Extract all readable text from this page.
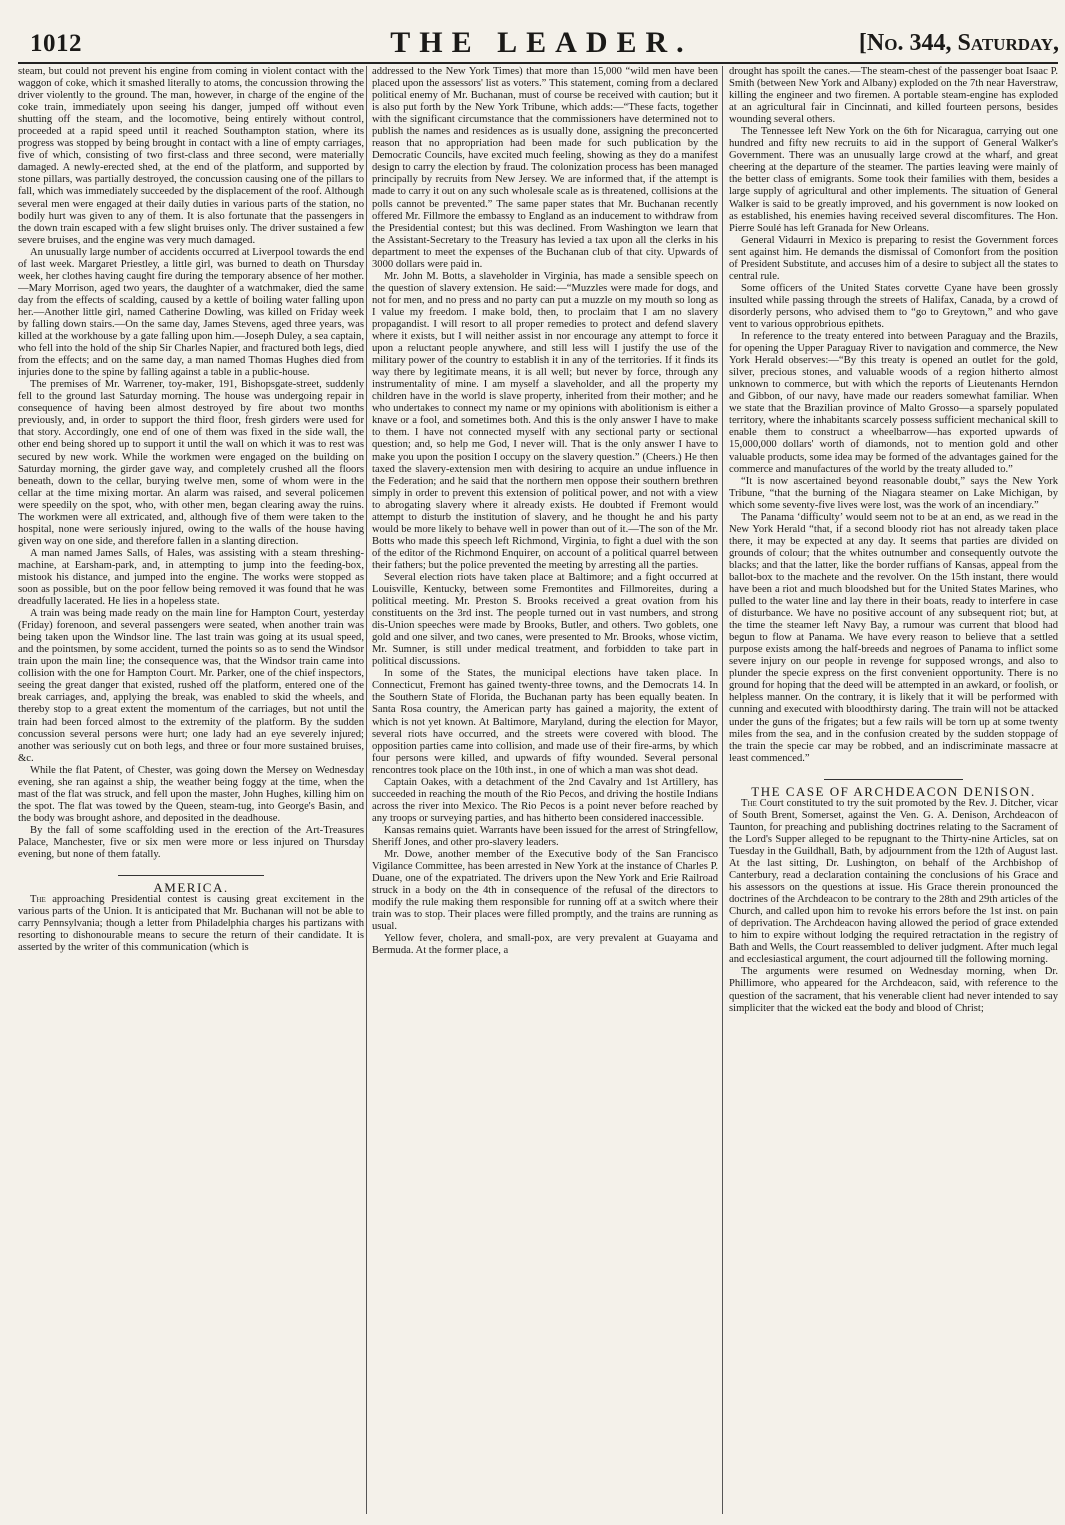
1012	THE LEADER.	[No. 344, Saturday,

steam, but could not prevent his engine from coming in violent contact with the waggon of coke, which it smashed literally to atoms, the concussion throwing the driver violently to the ground. The man, however, in charge of the engine of the coke train, immediately upon seeing his danger, jumped off without even shutting off the steam, and the locomotive, being entirely without control, proceeded at a rapid speed until it reached Southampton station, where its progress was stopped by being brought in contact with a line of empty carriages, five of which, consisting of two first-class and three second, were materially damaged. A newly-erected shed, at the end of the platform, and supported by stone pillars, was partially destroyed, the concussion causing one of the pillars to fall, which was immediately succeeded by the displacement of the roof. Although several men were engaged at their daily duties in various parts of the station, no bodily hurt was given to any of them. It is also fortunate that the passengers in the down train escaped with a few slight bruises only. The driver sustained a few severe bruises, and the engine was very much damaged.

An unusually large number of accidents occurred at Liverpool towards the end of last week. Margaret Priestley, a little girl, was burned to death on Thursday week, her clothes having caught fire during the temporary absence of her mother.—Mary Morrison, aged two years, the daughter of a watchmaker, died the same day from the effects of scalding, caused by a kettle of boiling water falling upon her.—Another little girl, named Catherine Dowling, was killed on Friday week by falling down stairs.—On the same day, James Stevens, aged three years, was killed at the workhouse by a gate falling upon him.—Joseph Duley, a sea captain, who fell into the hold of the ship Sir Charles Napier, and fractured both legs, died from the effects; and on the same day, a man named Thomas Hughes died from injuries done to the spine by falling against a table in a public-house.

The premises of Mr. Warrener, toy-maker, 191, Bishopsgate-street, suddenly fell to the ground last Saturday morning. The house was undergoing repair in consequence of having been almost destroyed by fire about two months previously, and, in order to support the third floor, fresh girders were used for that story. Accordingly, one end of one of them was fixed in the side wall, the other end being shored up to support it until the wall on which it was to rest was secured by new work. While the workmen were engaged on the building on Saturday morning, the girder gave way, and completely crushed all the floors beneath, down to the cellar, burying twelve men, some of whom were in the cellar at the time mixing mortar. An alarm was raised, and several policemen were speedily on the spot, who, with other men, began clearing away the ruins. The workmen were all extricated, and, although five of them were taken to the hospital, none were seriously injured, owing to the walls of the house having given way on one side, and therefore fallen in a slanting direction.

A man named James Salls, of Hales, was assisting with a steam threshing-machine, at Earsham-park, and, in attempting to jump into the feeding-box, mistook his distance, and jumped into the engine. The works were stopped as soon as possible, but on the poor fellow being removed it was found that he was dreadfully lacerated. He lies in a hopeless state.

A train was being made ready on the main line for Hampton Court, yesterday (Friday) forenoon, and several passengers were seated, when another train was being taken upon the Windsor line. The last train was going at its usual speed, and the pointsmen, by some accident, turned the points so as to send the Windsor train upon the main line; the consequence was, that the Windsor train came into collision with the one for Hampton Court. Mr. Parker, one of the chief inspectors, seeing the great danger that existed, rushed off the platform, entered one of the break carriages, and, applying the break, was enabled to skid the wheels, and thereby stop to a great extent the momentum of the carriages, but not until the train had been forced almost to the extremity of the platform. By the sudden concussion several persons were hurt; one lady had an eye severely injured; another was seriously cut on both legs, and three or four more sustained bruises, &c.

While the flat Patent, of Chester, was going down the Mersey on Wednesday evening, she ran against a ship, the weather being foggy at the time, when the mast of the flat was struck, and fell upon the master, John Hughes, killing him on the spot. The flat was towed by the Queen, steam-tug, into George's Basin, and the body was brought ashore, and deposited in the deadhouse.

By the fall of some scaffolding used in the erection of the Art-Treasures Palace, Manchester, five or six men were more or less injured on Thursday evening, but none of them fatally.

AMERICA.

The approaching Presidential contest is causing great excitement in the various parts of the Union. It is anticipated that Mr. Buchanan will not be able to carry Pennsylvania; though a letter from Philadelphia charges his partizans with resorting to dishonourable means to secure the return of their candidate. It is asserted by the writer of this communication (which is

addressed to the New York Times) that more than 15,000 “wild men have been placed upon the assessors' list as voters.” This statement, coming from a declared political enemy of Mr. Buchanan, must of course be received with caution; but it is also put forth by the New York Tribune, which adds:—“These facts, together with the significant circumstance that the commissioners have determined not to publish the names and residences as is usually done, assigning the preconcerted reason that no appropriation had been made for such publication by the Democratic Councils, have excited much feeling, showing as they do a manifest design to carry the election by fraud. The colonization process has been managed principally by recruits from New Jersey. We are informed that, if the attempt is made to carry it out on any such wholesale scale as is threatened, collisions at the polls cannot be prevented.” The same paper states that Mr. Buchanan recently offered Mr. Fillmore the embassy to England as an inducement to withdraw from the Presidential contest; but this was declined. From Washington we learn that the Assistant-Secretary to the Treasury has levied a tax upon all the clerks in his department to meet the expenses of the Buchanan club of that city. Upwards of 3000 dollars were paid in.

Mr. John M. Botts, a slaveholder in Virginia, has made a sensible speech on the question of slavery extension. He said:—“Muzzles were made for dogs, and not for men, and no press and no party can put a muzzle on my mouth so long as I value my freedom. I make bold, then, to proclaim that I am no slavery propagandist. I will resort to all proper remedies to protect and defend slavery where it exists, but I will neither assist in nor encourage any attempt to force it upon a reluctant people anywhere, and still less will I justify the use of the military power of the country to establish it in any of the territories. If it finds its way there by legitimate means, it is all well; but never by force, through any instrumentality of mine. I am myself a slaveholder, and all the property my children have in the world is slave property, inherited from their mother; and he who undertakes to connect my name or my opinions with abolitionism is either a knave or a fool, and sometimes both. And this is the only answer I have to make to them. I have not connected myself with any sectional party or sectional question; and, so help me God, I never will. That is the only answer I have to make you upon the position I occupy on the slavery question.” (Cheers.) He then taxed the slavery-extension men with desiring to acquire an undue influence in the Federation; and he said that the northern men oppose their southern brethren simply in order to prevent this extension of political power, and not with a view to abrogating slavery where it already exists. He doubted if Fremont would attempt to disturb the institution of slavery, and he thought he and his party would be more likely to behave well in power than out of it.—The son of the Mr. Botts who made this speech left Richmond, Virginia, to fight a duel with the son of the editor of the Richmond Enquirer, on account of a political quarrel between their fathers; but the police prevented the meeting by arresting all the parties.

Several election riots have taken place at Baltimore; and a fight occurred at Louisville, Kentucky, between some Fremontites and Fillmoreites, during a political meeting. Mr. Preston S. Brooks received a great ovation from his constituents on the 3rd inst. The people turned out in vast numbers, and strong dis-Union speeches were made by Brooks, Butler, and others. Two goblets, one gold and one silver, and two canes, were presented to Mr. Brooks, whose victim, Mr. Sumner, is still under medical treatment, and forbidden to take part in political discussions.

In some of the States, the municipal elections have taken place. In Connecticut, Fremont has gained twenty-three towns, and the Democrats 14. In the Southern State of Florida, the Buchanan party has been equally beaten. In Santa Rosa country, the American party has gained a majority, the extent of which is not yet known. At Baltimore, Maryland, during the election for Mayor, several riots have occurred, and the streets were covered with blood. The opposition parties came into collision, and made use of their fire-arms, by which four persons were killed, and upwards of fifty wounded. Several personal rencontres took place on the 10th inst., in one of which a man was shot dead.

Captain Oakes, with a detachment of the 2nd Cavalry and 1st Artillery, has succeeded in reaching the mouth of the Rio Pecos, and driving the hostile Indians across the river into Mexico. The Rio Pecos is a point never before reached by any troops or surveying parties, and has hitherto been considered inaccessible.

Kansas remains quiet. Warrants have been issued for the arrest of Stringfellow, Sheriff Jones, and other pro-slavery leaders.

Mr. Dowe, another member of the Executive body of the San Francisco Vigilance Committee, has been arrested in New York at the instance of Charles P. Duane, one of the expatriated. The drivers upon the New York and Erie Railroad struck in a body on the 4th in consequence of the refusal of the directors to modify the rule making them responsible for running off at a switch where their train was to stop. Their places were filled promptly, and the trains are running as usual.

Yellow fever, cholera, and small-pox, are very prevalent at Guayama and Bermuda. At the former place, a

drought has spoilt the canes.—The steam-chest of the passenger boat Isaac P. Smith (between New York and Albany) exploded on the 7th near Haverstraw, killing the engineer and two firemen. A portable steam-engine has exploded at an agricultural fair in Cincinnati, and killed fourteen persons, besides wounding several others.

The Tennessee left New York on the 6th for Nicaragua, carrying out one hundred and fifty new recruits to aid in the support of General Walker's Government. There was an unusually large crowd at the wharf, and great cheering at the departure of the steamer. The parties leaving were mainly of the better class of emigrants. Some took their families with them, besides a large supply of agricultural and other implements. The situation of General Walker is said to be greatly improved, and his government is now looked on as established, his enemies having received several discomfitures. The Hon. Pierre Soulé has left Granada for New Orleans.

General Vidaurri in Mexico is preparing to resist the Government forces sent against him. He demands the dismissal of Comonfort from the position of President Substitute, and accuses him of a desire to subject all the states to central rule.

Some officers of the United States corvette Cyane have been grossly insulted while passing through the streets of Halifax, Canada, by a crowd of disorderly persons, who advised them to “go to Greytown,” and who gave vent to various opprobrious epithets.

In reference to the treaty entered into between Paraguay and the Brazils, for opening the Upper Paraguay River to navigation and commerce, the New York Herald observes:—“By this treaty is opened an outlet for the gold, silver, precious stones, and valuable woods of a region hitherto almost unknown to commerce, but with which the reports of Lieutenants Herndon and Gibbon, of our navy, have made our readers somewhat familiar. When we state that the Brazilian province of Malto Grosso—a sparsely populated territory, where the inhabitants scarcely possess sufficient mechanical skill to enable them to construct a wheelbarrow—has exported upwards of 15,000,000 dollars' worth of diamonds, not to mention gold and other valuable products, some idea may be formed of the advantages gained for the commerce and manufactures of the world by the treaty alluded to.”

“It is now ascertained beyond reasonable doubt,” says the New York Tribune, “that the burning of the Niagara steamer on Lake Michigan, by which some seventy-five lives were lost, was the work of an incendiary.”

The Panama ‘difficulty’ would seem not to be at an end, as we read in the New York Herald “that, if a second bloody riot has not already taken place there, it may be expected at any day. It seems that parties are divided on grounds of colour; that the whites outnumber and consequently outvote the blacks; and that the latter, like the border ruffians of Kansas, appeal from the ballot-box to the machete and the revolver. On the 15th instant, there would have been a riot and much bloodshed but for the United States Marines, who pulled to the water line and lay there in their boats, ready to interfere in case of disturbance. We have no positive account of any subsequent riot; but, at the time the steamer left Navy Bay, a rumour was current that blood had begun to flow at Panama. We have every reason to believe that a settled purpose exists among the half-breeds and negroes of Panama to inflict some severe injury on our people in revenge for supposed wrongs, and also to plunder the specie express on the first convenient opportunity. There is no ground for hoping that the deed will be attempted in an awkard, or foolish, or helpless manner. On the contrary, it is likely that it will be performed with cunning and executed with bloodthirsty daring. The train will not be attacked under the guns of the frigates; but a few rails will be torn up at some twenty miles from the sea, and in the confusion created by the sudden stoppage of the train the specie car may be robbed, and an indiscriminate massacre at least commenced.”

THE CASE OF ARCHDEACON DENISON.

The Court constituted to try the suit promoted by the Rev. J. Ditcher, vicar of South Brent, Somerset, against the Ven. G. A. Denison, Archdeacon of Taunton, for preaching and publishing doctrines relating to the Sacrament of the Lord's Supper alleged to be repugnant to the Thirty-nine Articles, sat on Tuesday in the Guildhall, Bath, by adjournment from the 12th of August last. At the last sitting, Dr. Lushington, on behalf of the Archbishop of Canterbury, read a declaration containing the conclusions of his Grace and his assessors on the questions at issue. His Grace therein pronounced the doctrines of the Archdeacon to be contrary to the 28th and 29th articles of the Church, and called upon him to revoke his errors before the 1st inst. on pain of deprivation. The Archdeacon having allowed the period of grace extended to him to expire without lodging the required retractation in the registry of Bath and Wells, the Court reassembled to deliver judgment. After much legal and ecclesiastical argument, the court adjourned till the following morning.

The arguments were resumed on Wednesday morning, when Dr. Phillimore, who appeared for the Archdeacon, said, with reference to the question of the sacrament, that his venerable client had never intended to say simpliciter that the wicked eat the body and blood of Christ;
